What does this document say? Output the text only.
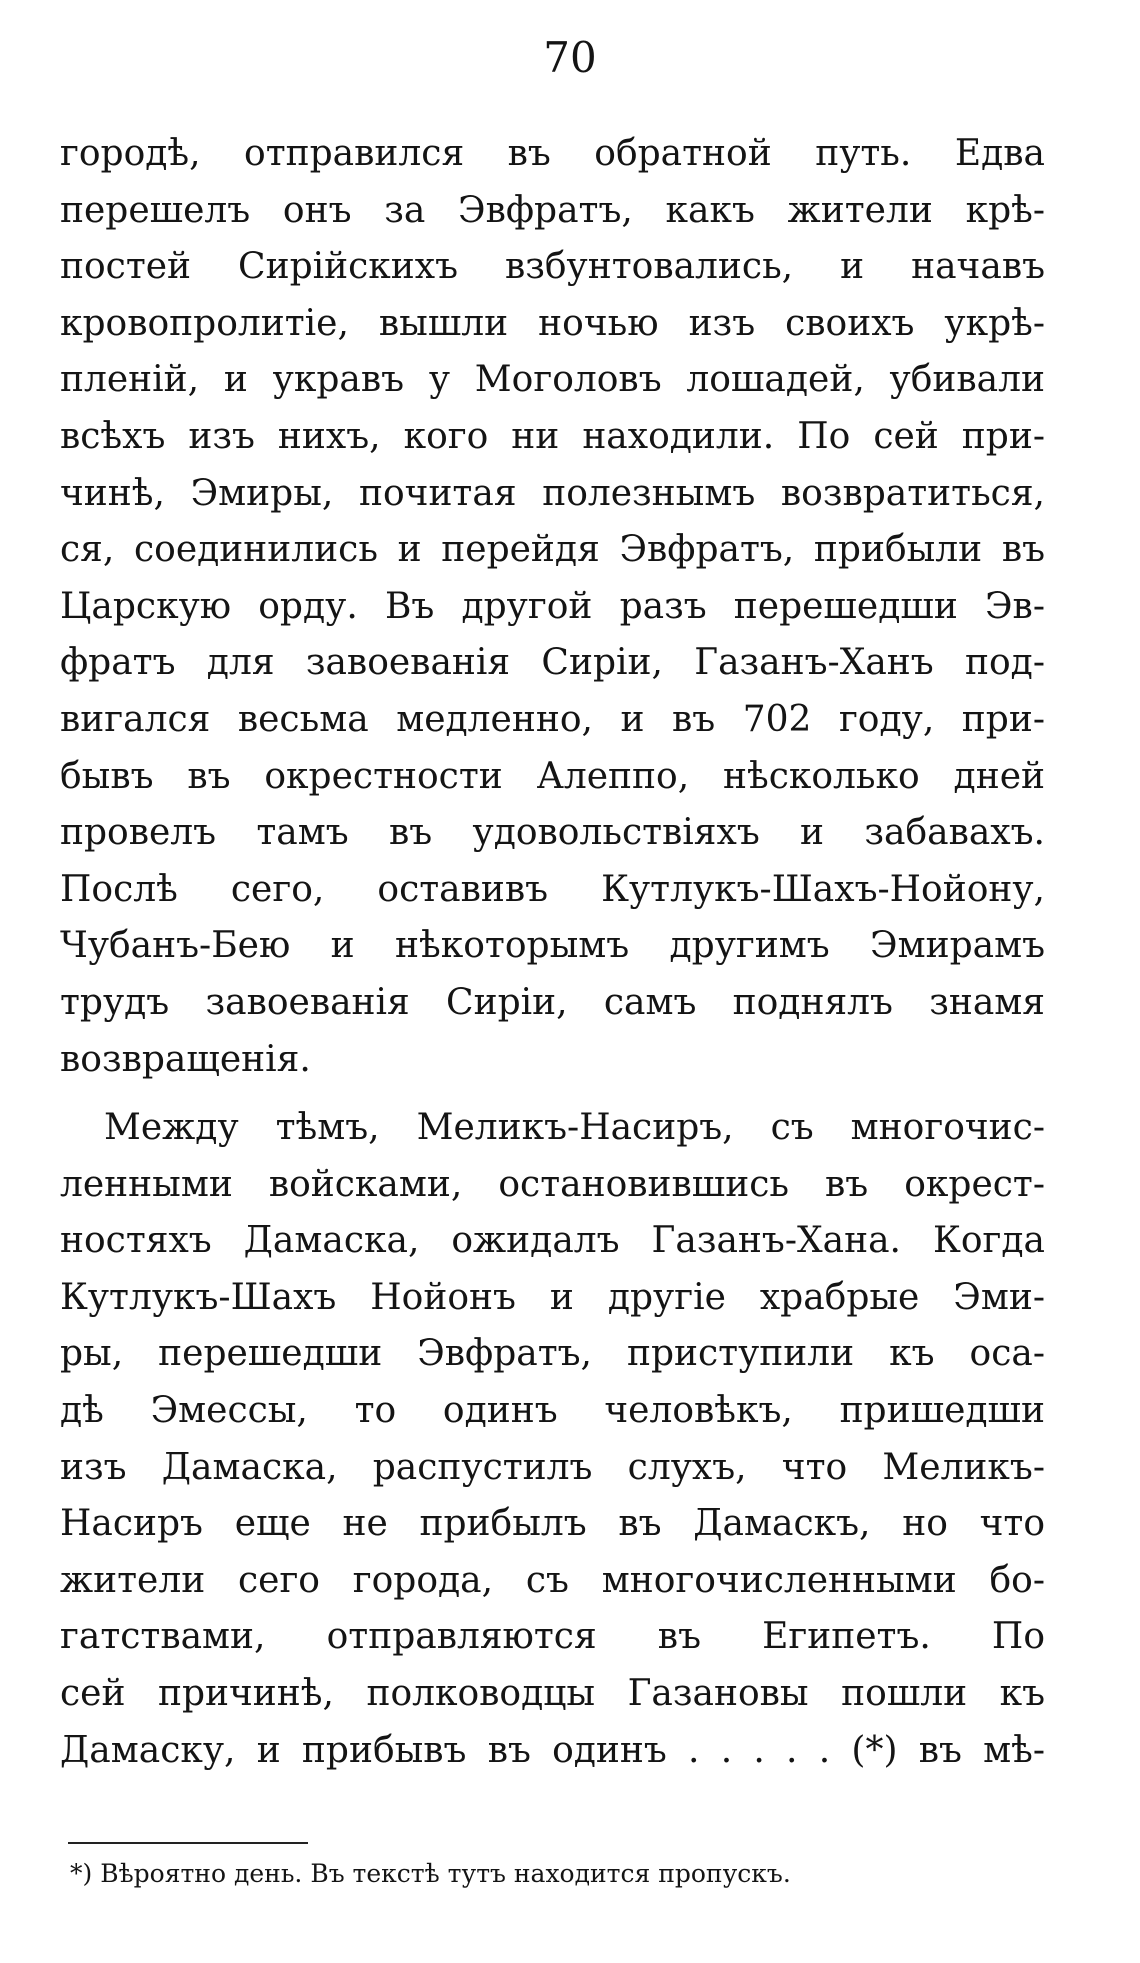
70
городѣ, отправился въ обратной путь. Едва
перешелъ онъ за Эвфратъ, какъ жители крѣ-
постей Сирійскихъ взбунтовались, и начавъ
кровопролитіе, вышли ночью изъ своихъ укрѣ-
пленій, и укравъ у Моголовъ лошадей, убивали
всѣхъ изъ нихъ, кого ни находили. По сей при-
чинѣ, Эмиры, почитая полезнымъ возвратиться,
ся, соединились и перейдя Эвфратъ, прибыли въ
Царскую орду. Въ другой разъ перешедши Эв-
фратъ для завоеванія Сиріи, Газанъ-Ханъ под-
вигался весьма медленно, и въ 702 году, при-
бывъ въ окрестности Алеппо, нѣсколько дней
провелъ тамъ въ удовольствіяхъ и забавахъ.
Послѣ сего, оставивъ Кутлукъ-Шахъ-Нойону,
Чубанъ-Бею и нѣкоторымъ другимъ Эмирамъ
трудъ завоеванія Сиріи, самъ поднялъ знамя
возвращенія.
Между тѣмъ, Меликъ-Насиръ, съ многочис-
ленными войсками, остановившись въ окрест-
ностяхъ Дамаска, ожидалъ Газанъ-Хана. Когда
Кутлукъ-Шахъ Нойонъ и другіе храбрые Эми-
ры, перешедши Эвфратъ, приступили къ оса-
дѣ Эмессы, то одинъ человѣкъ, пришедши
изъ Дамаска, распустилъ слухъ, что Меликъ-
Насиръ еще не прибылъ въ Дамаскъ, но что
жители сего города, съ многочисленными бо-
гатствами, отправляются въ Египетъ. По
сей причинѣ, полководцы Газановы пошли къ
Дамаску, и прибывъ въ одинъ . . . . . (*) въ мѣ-
*) Вѣроятно день. Въ текстѣ тутъ находится пропускъ.
